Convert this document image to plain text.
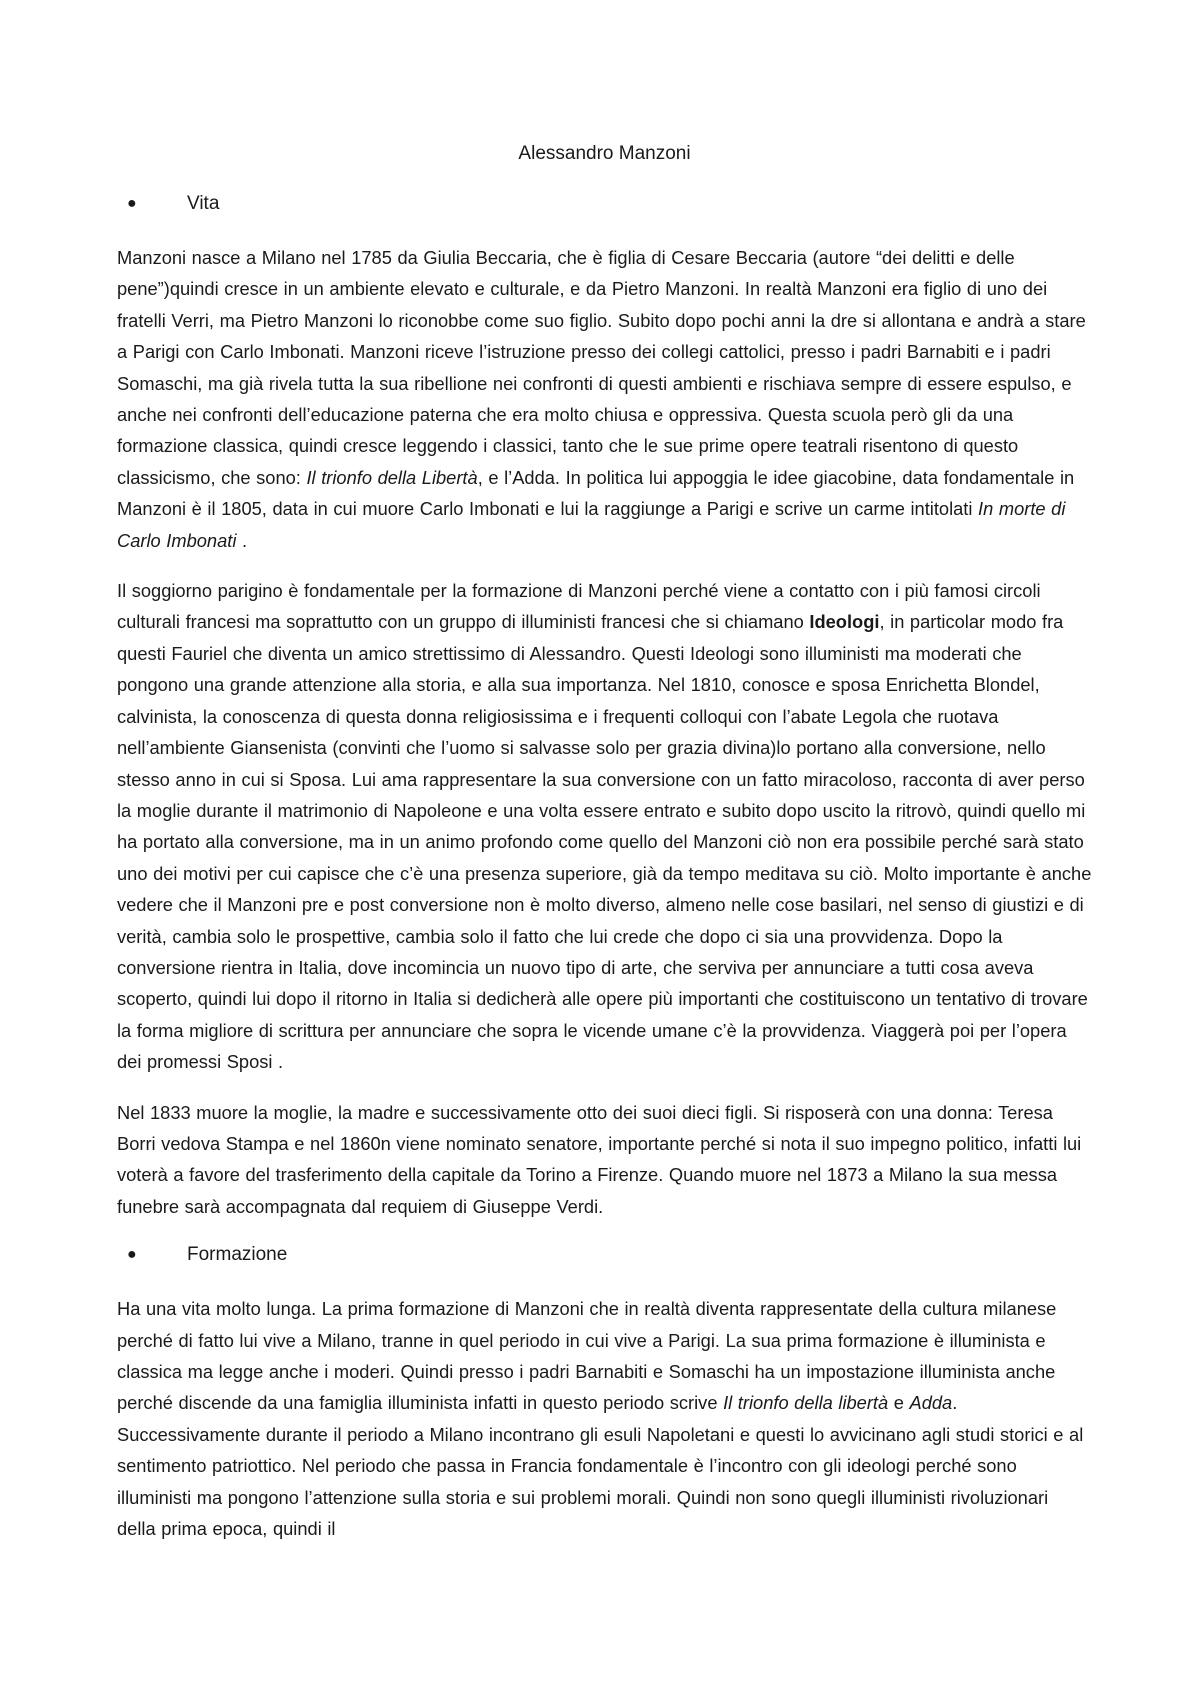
Alessandro Manzoni
●	Vita

Manzoni nasce a Milano nel 1785 da Giulia Beccaria, che è figlia di Cesare Beccaria (autore “dei delitti e delle pene”)quindi cresce in un ambiente elevato e culturale, e da Pietro Manzoni. In realtà Manzoni era figlio di uno dei fratelli Verri, ma Pietro Manzoni lo riconobbe come suo figlio. Subito dopo pochi anni la dre si allontana e andrà a stare a Parigi con Carlo Imbonati. Manzoni riceve l’istruzione presso dei collegi cattolici, presso i padri Barnabiti e i padri Somaschi, ma già rivela tutta la sua ribellione nei confronti di questi ambienti e rischiava sempre di essere espulso, e anche nei confronti dell’educazione paterna che era molto chiusa e oppressiva. Questa scuola però gli da una formazione classica, quindi cresce leggendo i classici, tanto che le sue prime opere teatrali risentono di questo classicismo, che sono: Il trionfo della Libertà, e l’Adda. In politica lui appoggia le idee giacobine, data fondamentale in Manzoni è il 1805, data in cui muore Carlo Imbonati e lui la raggiunge a Parigi e scrive un carme intitolati In morte di Carlo Imbonati .

Il soggiorno parigino è fondamentale per la formazione di Manzoni perché viene a contatto con i più famosi circoli culturali francesi ma soprattutto con un gruppo di illuministi francesi che si chiamano Ideologi, in particolar modo fra questi Fauriel che diventa un amico strettissimo di Alessandro. Questi Ideologi sono illuministi ma moderati che pongono una grande attenzione alla storia, e alla sua importanza. Nel 1810, conosce e sposa Enrichetta Blondel, calvinista, la conoscenza di questa donna religiosissima e i frequenti colloqui con l’abate Legola che ruotava nell’ambiente Giansenista (convinti che l’uomo si salvasse solo per grazia divina)lo portano alla conversione, nello stesso anno in cui si Sposa. Lui ama rappresentare la sua conversione con un fatto miracoloso, racconta di aver perso la moglie durante il matrimonio di Napoleone e una volta essere entrato e subito dopo uscito la ritrovò, quindi quello mi ha portato alla conversione, ma in un animo profondo come quello del Manzoni ciò non era possibile perché sarà stato uno dei motivi per cui capisce che c’è una presenza superiore, già da tempo meditava su ciò. Molto importante è anche vedere che il Manzoni pre e post conversione non è molto diverso, almeno nelle cose basilari, nel senso di giustizi e di verità, cambia solo le prospettive, cambia solo il fatto che lui crede che dopo ci sia una provvidenza. Dopo la conversione rientra in Italia, dove incomincia un nuovo tipo di arte, che serviva per annunciare a tutti cosa aveva scoperto, quindi lui dopo il ritorno in Italia si dedicherà alle opere più importanti che costituiscono un tentativo di trovare la forma migliore di scrittura per annunciare che sopra le vicende umane c’è la provvidenza. Viaggerà poi per l’opera dei promessi Sposi .

Nel 1833 muore la moglie, la madre e successivamente otto dei suoi dieci figli. Si risposerà con una donna: Teresa Borri vedova Stampa e nel 1860n viene nominato senatore, importante perché si nota il suo impegno politico, infatti lui voterà a favore del trasferimento della capitale da Torino a Firenze. Quando muore nel 1873 a Milano la sua messa funebre sarà accompagnata dal requiem di Giuseppe Verdi.

●	Formazione

Ha una vita molto lunga. La prima formazione di Manzoni che in realtà diventa rappresentate della cultura milanese perché di fatto lui vive a Milano, tranne in quel periodo in cui vive a Parigi. La sua prima formazione è illuminista e classica ma legge anche i moderi. Quindi presso i padri Barnabiti e Somaschi ha un impostazione illuminista anche perché discende da una famiglia illuminista infatti in questo periodo scrive Il trionfo della libertà e Adda. Successivamente durante il periodo a Milano incontrano gli esuli Napoletani e questi lo avvicinano agli studi storici e al sentimento patriottico. Nel periodo che passa in Francia fondamentale è l’incontro con gli ideologi perché sono illuministi ma pongono l’attenzione sulla storia e sui problemi morali. Quindi non sono quegli illuministi rivoluzionari della prima epoca, quindi il
